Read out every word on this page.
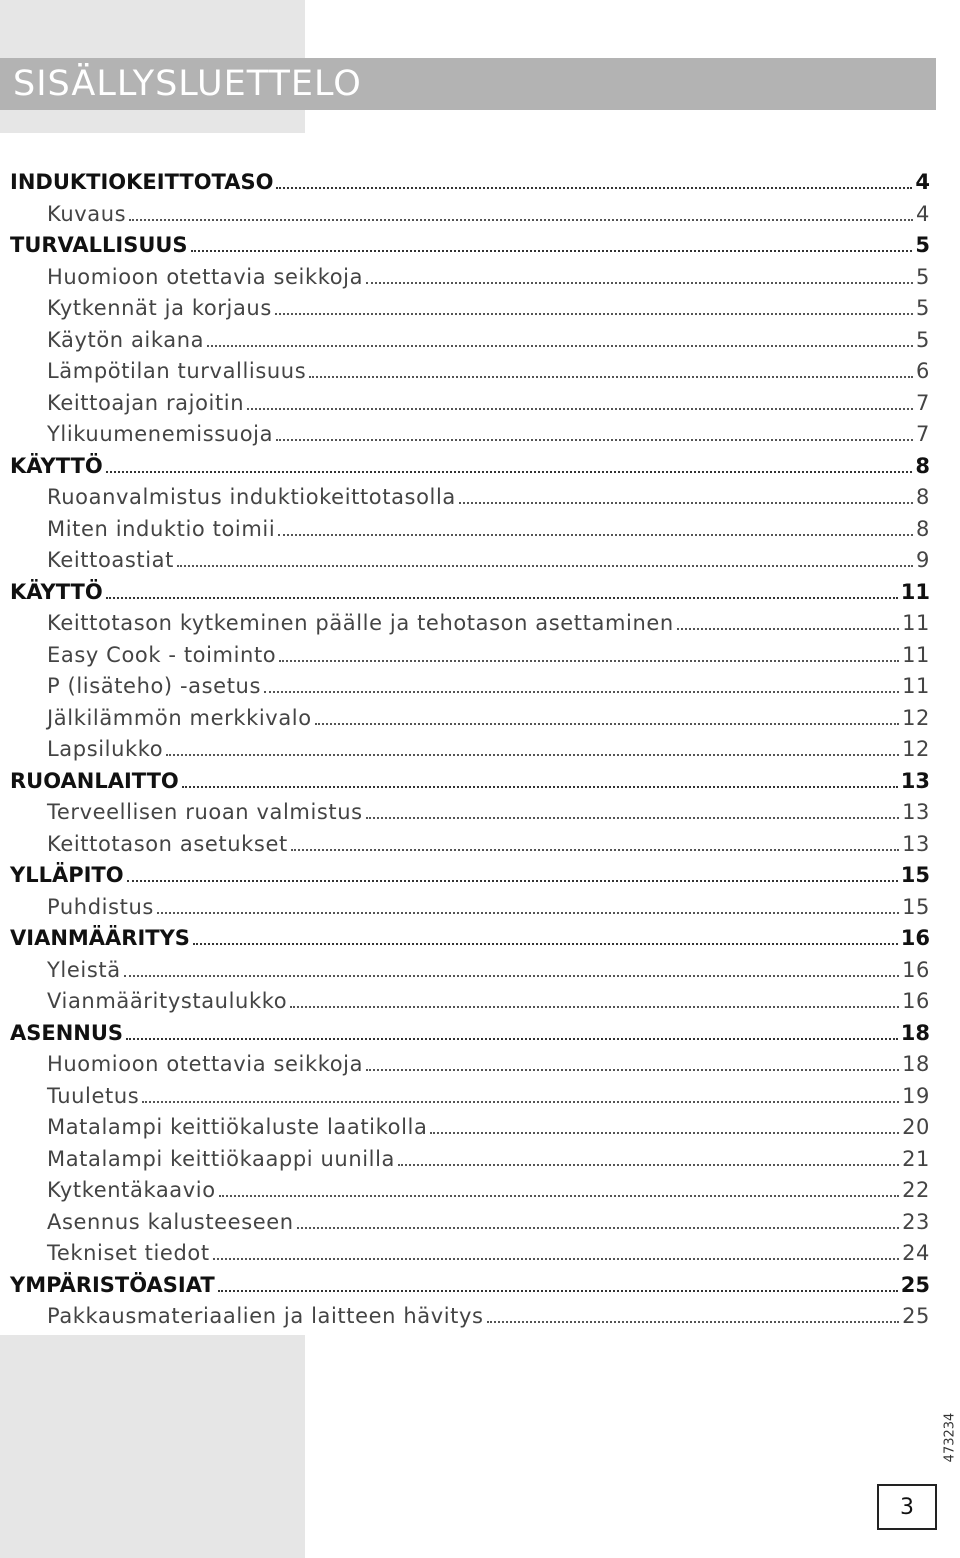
SISÄLLYSLUETTELO
INDUKTIOKEITTOTASO	4
Kuvaus	4
TURVALLISUUS	5
Huomioon otettavia seikkoja	5
Kytkennät ja korjaus	5
Käytön aikana	5
Lämpötilan turvallisuus	6
Keittoajan rajoitin	7
Ylikuumenemissuoja	7
KÄYTTÖ	8
Ruoanvalmistus induktiokeittotasolla	8
Miten induktio toimii	8
Keittoastiat	9
KÄYTTÖ	11
Keittotason kytkeminen päälle ja tehotason asettaminen	11
Easy Cook - toiminto	11
P (lisäteho) -asetus	11
Jälkilämmön merkkivalo	12
Lapsilukko	12
RUOANLAITTO	13
Terveellisen ruoan valmistus	13
Keittotason asetukset	13
YLLÄPITO	15
Puhdistus	15
VIANMÄÄRITYS	16
Yleistä	16
Vianmääritystaulukko	16
ASENNUS	18
Huomioon otettavia seikkoja	18
Tuuletus	19
Matalampi keittiökaluste laatikolla	20
Matalampi keittiökaappi uunilla	21
Kytkentäkaavio	22
Asennus kalusteeseen	23
Tekniset tiedot	24
YMPÄRISTÖASIAT	25
Pakkausmateriaalien ja laitteen hävitys	25
473234
3
